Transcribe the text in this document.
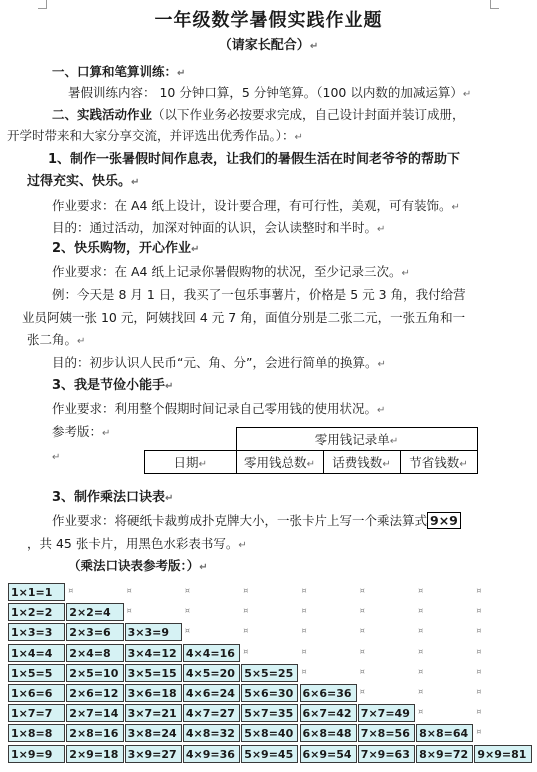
一年级数学暑假实践作业题
（请家长配合）↵
一、口算和笔算训练：↵
暑假训练内容： 10 分钟口算，5 分钟笔算。（100 以内数的加减运算）↵
二、实践活动作业（以下作业务必按要求完成，自己设计封面并装订成册，
开学时带来和大家分享交流，并评选出优秀作品。）：↵
1、制作一张暑假时间作息表，让我们的暑假生活在时间老爷爷的帮助下
过得充实、快乐。↵
作业要求：在 A4 纸上设计，设计要合理，有可行性，美观，可有装饰。↵
目的：通过活动，加深对钟面的认识，会认读整时和半时。↵
2、快乐购物，开心作业↵
作业要求：在 A4 纸上记录你暑假购物的状况，至少记录三次。↵
例：今天是 8 月 1 日，我买了一包乐事薯片，价格是 5 元 3 角，我付给营
业员阿姨一张 10 元，阿姨找回 4 元 7 角，面值分别是二张二元，一张五角和一
张二角。↵
目的：初步认识人民币“元、角、分”，会进行简单的换算。↵
3、我是节俭小能手↵
作业要求：利用整个假期时间记录自己零用钱的使用状况。↵
参考版：↵
↵
	零用钱记录单↵		
日期↵	零用钱总数↵	话费钱数↵	节省钱数↵
3、制作乘法口诀表↵
作业要求：将硬纸卡裁剪成扑克牌大小，一张卡片上写一个乘法算式 9×9
，共 45 张卡片，用黑色水彩表书写。↵
（乘法口诀表参考版：）↵
1×1=1	¤	¤	¤	¤	¤	¤	¤	¤
1×2=2	2×2=4	¤	¤	¤	¤	¤	¤	¤
1×3=3	2×3=6	3×3=9	¤	¤	¤	¤	¤	¤
1×4=4	2×4=8	3×4=12 4×4=16	¤	¤	¤	¤	¤
1×5=5	2×5=10 3×5=15 4×5=20 5×5=25	¤	¤	¤	¤
1×6=6	2×6=12 3×6=18 4×6=24 5×6=30 6×6=36	¤	¤	¤
1×7=7	2×7=14 3×7=21 4×7=27 5×7=35 6×7=42 7×7=49	¤	¤
1×8=8	2×8=16 3×8=24 4×8=32 5×8=40 6×8=48 7×8=56 8×8=64	¤
1×9=9	2×9=18 3×9=27 4×9=36 5×9=45 6×9=54 7×9=63 8×9=72 9×9=81
